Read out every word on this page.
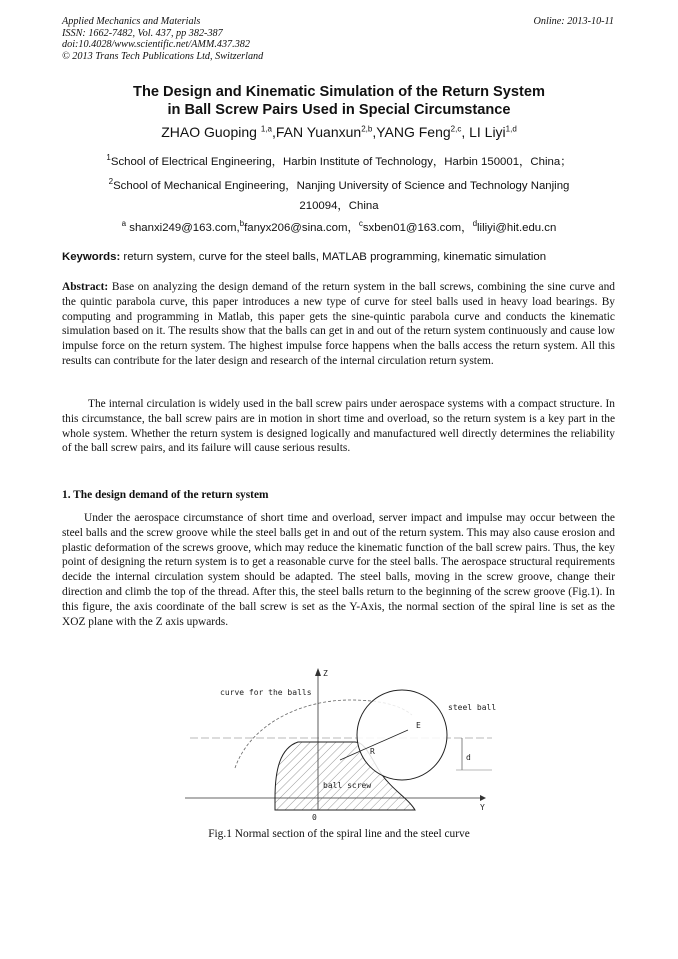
Applied Mechanics and Materials
ISSN: 1662-7482, Vol. 437, pp 382-387
doi:10.4028/www.scientific.net/AMM.437.382
© 2013 Trans Tech Publications Ltd, Switzerland
Online: 2013-10-11
The Design and Kinematic Simulation of the Return System
in Ball Screw Pairs Used in Special Circumstance
ZHAO Guoping $^{1,a}$,FAN Yuanxun$^{2,b}$,YANG Feng$^{2,c}$, LI Liyi$^{1,d}$
$^1$School of Electrical Engineering，Harbin Institute of Technology，Harbin 150001，China；
$^2$School of Mechanical Engineering，Nanjing University of Science and Technology Nanjing
210094，China
$^a$ shanxi249@163.com,$^b$fanyx206@sina.com，$^c$sxben01@163.com，$^d$liliyi@hit.edu.cn
Keywords: return system, curve for the steel balls, MATLAB programming, kinematic simulation
Abstract: Base on analyzing the design demand of the return system in the ball screws, combining the sine curve and the quintic parabola curve, this paper introduces a new type of curve for steel balls used in heavy load bearings. By computing and programming in Matlab, this paper gets the sine-quintic parabola curve and conducts the kinematic simulation based on it. The results show that the balls can get in and out of the return system continuously and cause low impulse force on the return system. The highest impulse force happens when the balls access the return system. All this results can contribute for the later design and research of the internal circulation return system.
The internal circulation is widely used in the ball screw pairs under aerospace systems with a compact structure. In this circumstance, the ball screw pairs are in motion in short time and overload, so the return system is a key part in the whole system. Whether the return system is designed logically and manufactured well directly determines the reliability of the ball screw pairs, and its failure will cause serious results.
1. The design demand of the return system
Under the aerospace circumstance of short time and overload, server impact and impulse may occur between the steel balls and the screw groove while the steel balls get in and out of the return system. This may also cause erosion and plastic deformation of the screws groove, which may reduce the kinematic function of the ball screw pairs. Thus, the key point of designing the return system is to get a reasonable curve for the steel balls. The aerospace structural requirements decide the internal circulation system should be adapted. The steel balls, moving in the screw groove, change their direction and climb the top of the thread. After this, the steel balls return to the beginning of the screw groove (Fig.1). In this figure, the axis coordinate of the ball screw is set as the Y-Axis, the normal section of the spiral line is set as the XOZ plane with the Z axis upwards.
curve for the balls
steel ball
ball screw
Z
Y
0
E
R
d
Fig.1 Normal section of the spiral line and the steel curve
